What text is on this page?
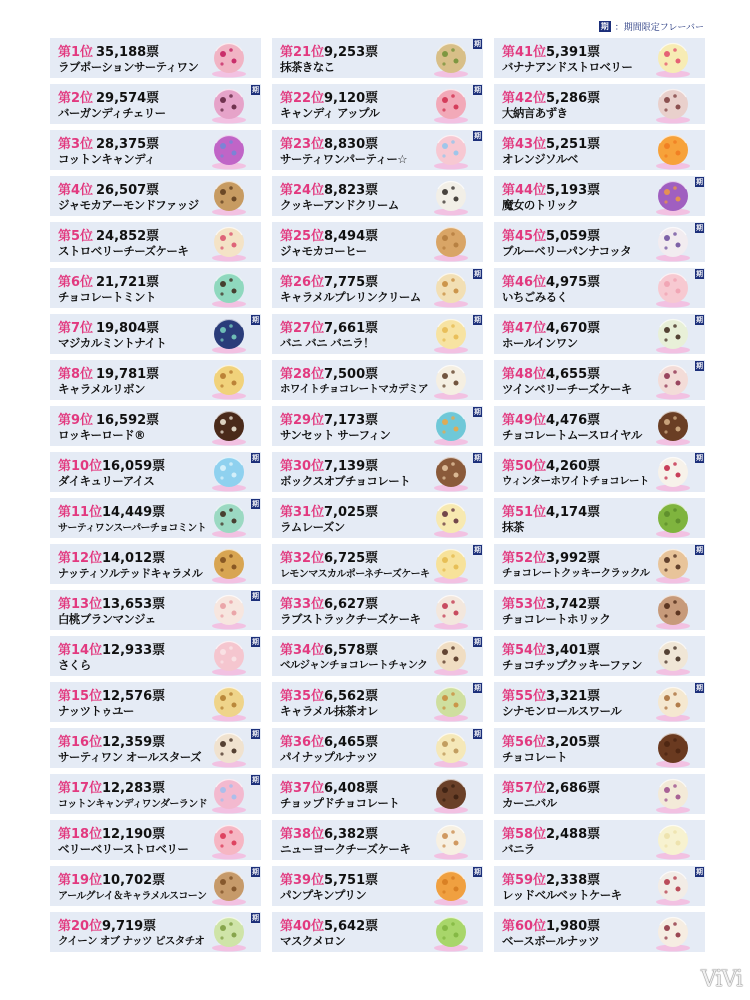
期 ：期間限定フレーバー
第1位 35,188票
ラブポーションサーティワン
第2位 29,574票
バーガンディチェリー
期
第3位 28,375票
コットンキャンディ
第4位 26,507票
ジャモカアーモンドファッジ
第5位 24,852票
ストロベリーチーズケーキ
第6位 21,721票
チョコレートミント
第7位 19,804票
マジカルミントナイト
期
第8位 19,781票
キャラメルリボン
第9位 16,592票
ロッキーロード®
第10位 16,059票
ダイキュリーアイス
期
第11位 14,449票
サーティワンスーパーチョコミント
期
第12位 14,012票
ナッティソルテッドキャラメル
第13位 13,653票
白桃ブランマンジェ
期
第14位 12,933票
さくら
期
第15位 12,576票
ナッツトゥユー
第16位 12,359票
サーティワン オールスターズ
期
第17位 12,283票
コットンキャンディワンダーランド
期
第18位 12,190票
ベリーベリーストロベリー
第19位 10,702票
アールグレイ＆キャラメルスコーン
期
第20位 9,719票
クイーン オブ ナッツ ピスタチオ
期
第21位 9,253票
抹茶きなこ
期
第22位 9,120票
キャンディ アップル
期
第23位 8,830票
サーティワンパーティー☆
期
第24位 8,823票
クッキーアンドクリーム
第25位 8,494票
ジャモカコーヒー
第26位 7,775票
キャラメルプレリンクリーム
期
第27位 7,661票
バニ バニ バニラ！
期
第28位 7,500票
ホワイトチョコレートマカデミア
第29位 7,173票
サンセット サーフィン
期
第30位 7,139票
ボックスオブチョコレート
期
第31位 7,025票
ラムレーズン
第32位 6,725票
レモンマスカルポーネチーズケーキ
期
第33位 6,627票
ラブストラックチーズケーキ
第34位 6,578票
ベルジャンチョコレートチャンク
期
第35位 6,562票
キャラメル抹茶オレ
期
第36位 6,465票
パイナップルナッツ
期
第37位 6,408票
チョップドチョコレート
第38位 6,382票
ニューヨークチーズケーキ
第39位 5,751票
パンプキンプリン
期
第40位 5,642票
マスクメロン
第41位 5,391票
バナナアンドストロベリー
第42位 5,286票
大納言あずき
第43位 5,251票
オレンジソルベ
第44位 5,193票
魔女のトリック
期
第45位 5,059票
ブルーベリーパンナコッタ
期
第46位 4,975票
いちごみるく
期
第47位 4,670票
ホールインワン
期
第48位 4,655票
ツインベリーチーズケーキ
期
第49位 4,476票
チョコレートムースロイヤル
第50位 4,260票
ウィンターホワイトチョコレート
期
第51位 4,174票
抹茶
第52位 3,992票
チョコレートクッキークラックル
期
第53位 3,742票
チョコレートホリック
第54位 3,401票
チョコチップクッキーファン
第55位 3,321票
シナモンロールスワール
期
第56位 3,205票
チョコレート
第57位 2,686票
カーニバル
第58位 2,488票
バニラ
第59位 2,338票
レッドベルベットケーキ
期
第60位 1,980票
ベースボールナッツ
ViVi
